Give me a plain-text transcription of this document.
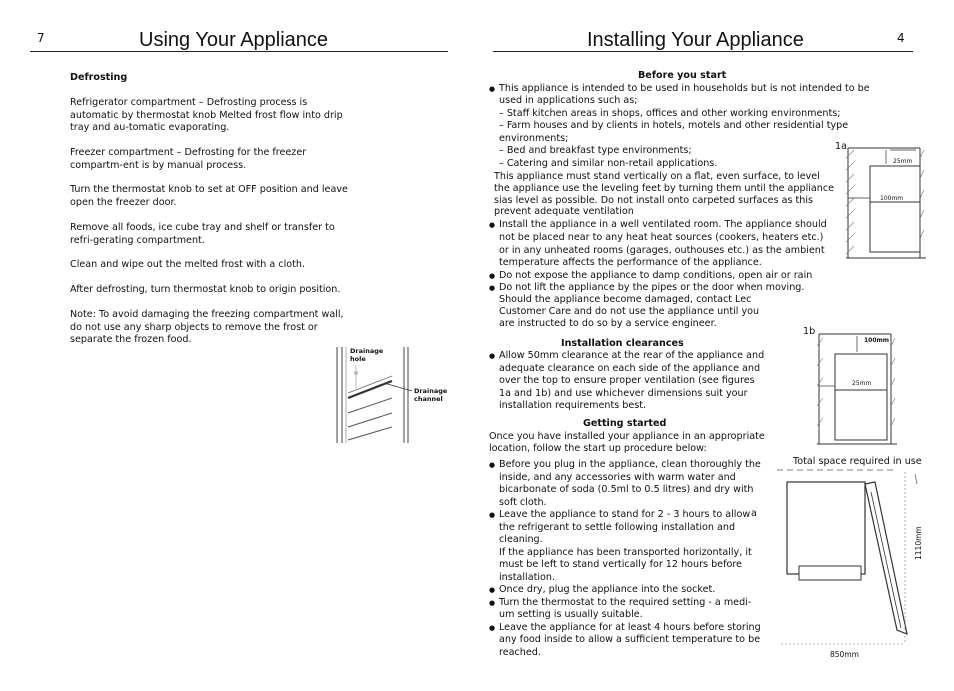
7	Using Your Appliance
Defrosting
Refrigerator compartment – Defrosting process is automatic by thermostat knob Melted frost flow into drip tray and au-tomatic evaporating.
Freezer compartment – Defrosting for the freezer compartm-ent is by manual process.
Turn the thermostat knob to set at OFF position and leave open the freezer door.
Remove all foods, ice cube tray and shelf or transfer to refri-gerating compartment.
Clean and wipe out the melted frost with a cloth.
After defrosting, turn thermostat knob to origin position.
Note: To avoid damaging the freezing compartment wall, do not use any sharp objects to remove the frost or separate the frozen food.
Drainage hole
Drainage channel
Installing Your Appliance	4
Before you start
● This appliance is intended to be used in households but is not intended to be
used in applications such as;
– Staff kitchen areas in shops, offices and other working environments;
– Farm houses and by clients in hotels, motels and other residential type
environments;
– Bed and breakfast type environments;
– Catering and similar non-retail applications.
This appliance must stand vertically on a flat, even surface, to level
the appliance use the leveling feet by turning them until the appliance
sias level as possible. Do not install onto carpeted surfaces as this
prevent adequate ventilation
● Install the appliance in a well ventilated room. The appliance should
not be placed near to any heat heat sources (cookers, heaters etc.)
or in any unheated rooms (garages, outhouses etc.) as the ambient
temperature affects the performance of the appliance.
● Do not expose the appliance to damp conditions, open air or rain
● Do not lift the appliance by the pipes or the door when moving.
Should the appliance become damaged, contact Lec
Customer Care and do not use the appliance until you
are instructed to do so by a service engineer.
Installation clearances
● Allow 50mm clearance at the rear of the appliance and
adequate clearance on each side of the appliance and
over the top to ensure proper ventilation (see figures
1a and 1b) and use whichever dimensions suit your
installation requirements best.
Getting started
Once you have installed your appliance in an appropriate
location, follow the start up procedure below:
● Before you plug in the appliance, clean thoroughly the
inside, and any accessories with warm water and
bicarbonate of soda (0.5ml to 0.5 litres) and dry with
soft cloth.
● Leave the appliance to stand for 2 - 3 hours to allow a
the refrigerant to settle following installation and
cleaning.
If the appliance has been transported horizontally, it
must be left to stand vertically for 12 hours before
installation.
● Once dry, plug the appliance into the socket.
● Turn the thermostat to the required setting - a medi-
um setting is usually suitable.
● Leave the appliance for at least 4 hours before storing
any food inside to allow a sufficient temperature to be
reached.
1a
25mm
100mm
1b
100mm
25mm
Total space required in use
1110mm
850mm
